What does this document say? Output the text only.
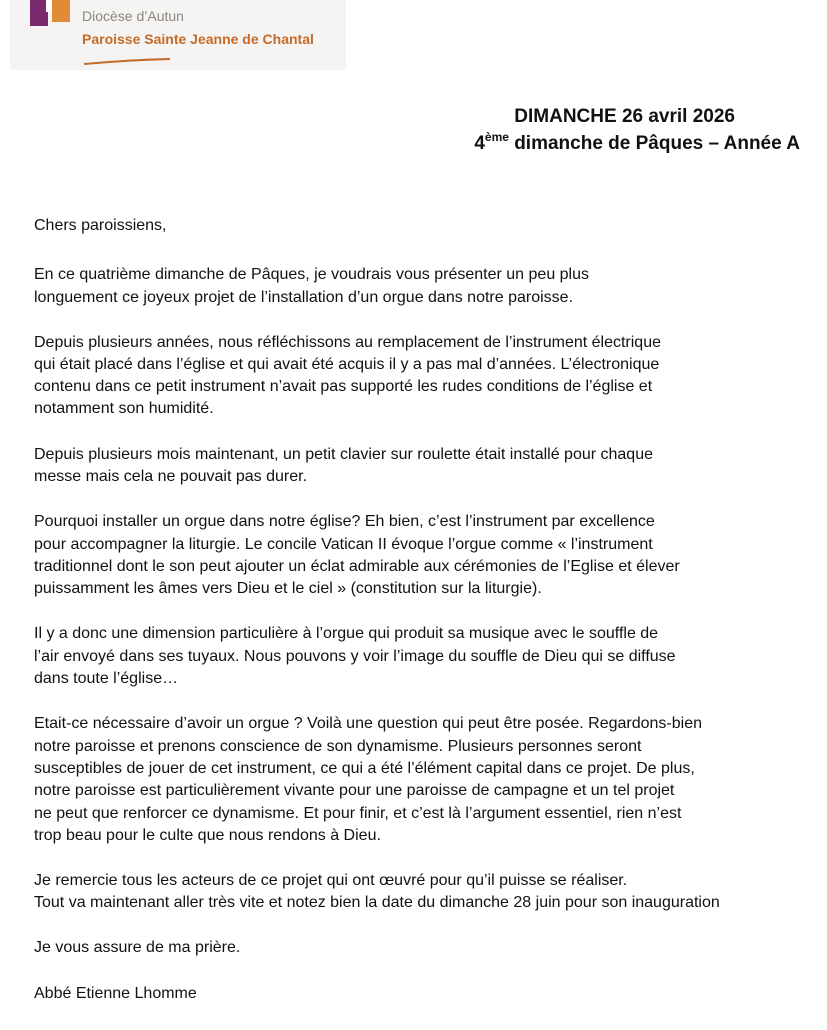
Diocèse d’Autun
Paroisse Sainte Jeanne de Chantal
DIMANCHE 26 avril 2026
4ème dimanche de Pâques – Année A
Chers paroissiens,
En ce quatrième dimanche de Pâques, je voudrais vous présenter un peu plus
longuement ce joyeux projet de l’installation d’un orgue dans notre paroisse.
Depuis plusieurs années, nous réfléchissons au remplacement de l’instrument électrique
qui était placé dans l’église et qui avait été acquis il y a pas mal d’années. L’électronique
contenu dans ce petit instrument n’avait pas supporté les rudes conditions de l’église et
notamment son humidité.
Depuis plusieurs mois maintenant, un petit clavier sur roulette était installé pour chaque
messe mais cela ne pouvait pas durer.
Pourquoi installer un orgue dans notre église? Eh bien, c’est l’instrument par excellence
pour accompagner la liturgie. Le concile Vatican II évoque l’orgue comme « l’instrument
traditionnel dont le son peut ajouter un éclat admirable aux cérémonies de l’Eglise et élever
puissamment les âmes vers Dieu et le ciel » (constitution sur la liturgie).
Il y a donc une dimension particulière à l’orgue qui produit sa musique avec le souffle de
l’air envoyé dans ses tuyaux. Nous pouvons y voir l’image du souffle de Dieu qui se diffuse
dans toute l’église…
Etait-ce nécessaire d’avoir un orgue ? Voilà une question qui peut être posée. Regardons-bien
notre paroisse et prenons conscience de son dynamisme. Plusieurs personnes seront
susceptibles de jouer de cet instrument, ce qui a été l’élément capital dans ce projet. De plus,
notre paroisse est particulièrement vivante pour une paroisse de campagne et un tel projet
ne peut que renforcer ce dynamisme. Et pour finir, et c’est là l’argument essentiel, rien n’est
trop beau pour le culte que nous rendons à Dieu.
Je remercie tous les acteurs de ce projet qui ont œuvré pour qu’il puisse se réaliser.
Tout va maintenant aller très vite et notez bien la date du dimanche 28 juin pour son inauguration
Je vous assure de ma prière.
Abbé Etienne Lhomme
